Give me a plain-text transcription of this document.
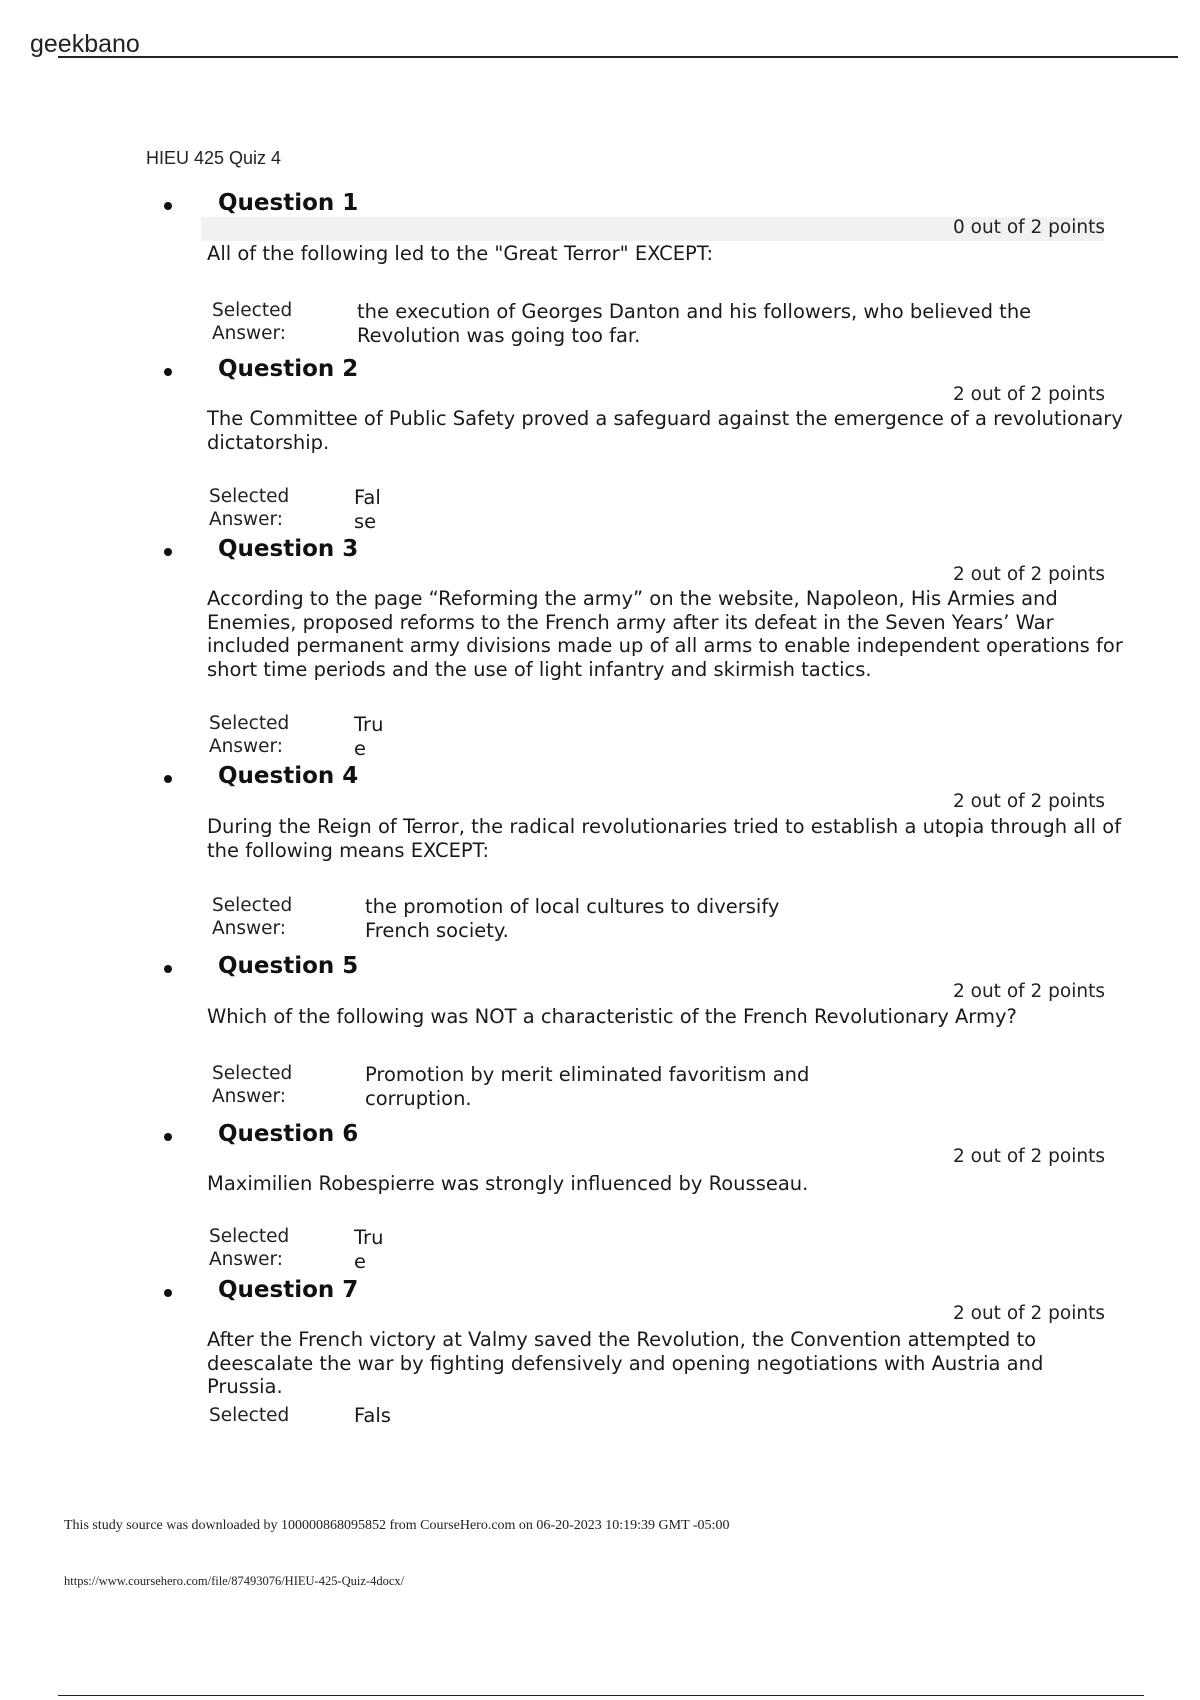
geekbano
HIEU 425 Quiz 4
Question 1
0 out of 2 points
All of the following led to the "Great Terror" EXCEPT:
Selected Answer:
the execution of Georges Danton and his followers, who believed the Revolution was going too far.
Question 2
2 out of 2 points
The Committee of Public Safety proved a safeguard against the emergence of a revolutionary dictatorship.
Selected Answer:
False
Question 3
2 out of 2 points
According to the page “Reforming the army” on the website, Napoleon, His Armies and Enemies, proposed reforms to the French army after its defeat in the Seven Years’ War included permanent army divisions made up of all arms to enable independent operations for short time periods and the use of light infantry and skirmish tactics.
Selected Answer:
True
Question 4
2 out of 2 points
During the Reign of Terror, the radical revolutionaries tried to establish a utopia through all of the following means EXCEPT:
Selected Answer:
the promotion of local cultures to diversify French society.
Question 5
2 out of 2 points
Which of the following was NOT a characteristic of the French Revolutionary Army?
Selected Answer:
Promotion by merit eliminated favoritism and corruption.
Question 6
2 out of 2 points
Maximilien Robespierre was strongly influenced by Rousseau.
Selected Answer:
True
Question 7
2 out of 2 points
After the French victory at Valmy saved the Revolution, the Convention attempted to deescalate the war by fighting defensively and opening negotiations with Austria and Prussia.
Selected	Fals
This study source was downloaded by 100000868095852 from CourseHero.com on 06-20-2023 10:19:39 GMT -05:00
https://www.coursehero.com/file/87493076/HIEU-425-Quiz-4docx/
